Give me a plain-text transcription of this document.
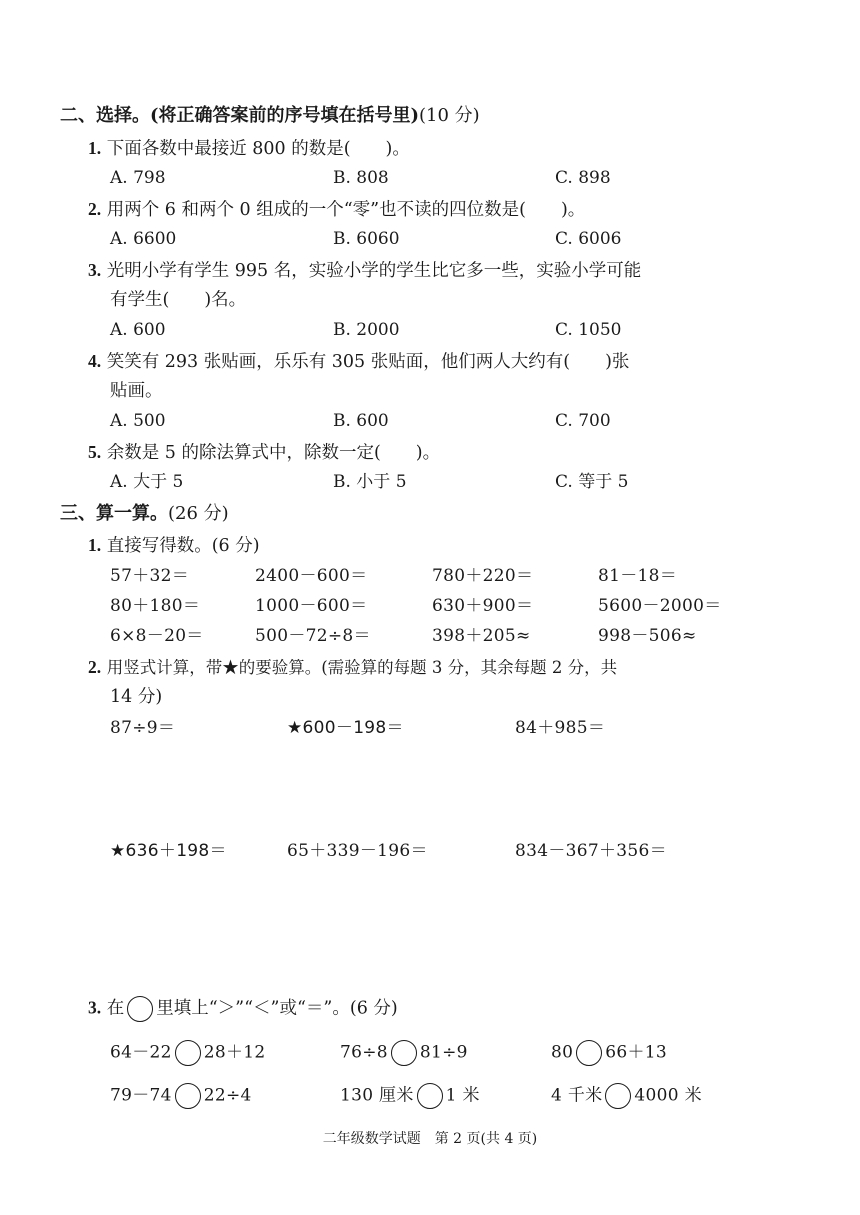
二、选择。(将正确答案前的序号填在括号里)(10 分)
1. 下面各数中最接近 800 的数是(　　)。
A. 798	B. 808	C. 898
2. 用两个 6 和两个 0 组成的一个“零”也不读的四位数是(　　)。
A. 6600	B. 6060	C. 6006
3. 光明小学有学生 995 名，实验小学的学生比它多一些，实验小学可能
有学生(　　)名。
A. 600	B. 2000	C. 1050
4. 笑笑有 293 张贴画，乐乐有 305 张贴面，他们两人大约有(　　)张
贴画。
A. 500	B. 600	C. 700
5. 余数是 5 的除法算式中，除数一定(　　)。
A. 大于 5	B. 小于 5	C. 等于 5
三、算一算。(26 分)
1. 直接写得数。(6 分)
57＋32＝	2400－600＝	780＋220＝	81－18＝
80＋180＝	1000－600＝	630＋900＝	5600－2000＝
6×8－20＝	500－72÷8＝	398＋205≈	998－506≈
2. 用竖式计算，带★的要验算。(需验算的每题 3 分，其余每题 2 分，共
14 分)
87÷9＝	★600－198＝	84＋985＝
★636＋198＝	65＋339－196＝	834－367＋356＝
3. 在 里填上“＞”“＜”或“＝”。(6 分)
64－22 28＋12	76÷8 81÷9	80 66＋13
79－74 22÷4	130 厘米 1 米	4 千米 4000 米
二年级数学试题　第 2 页(共 4 页)
